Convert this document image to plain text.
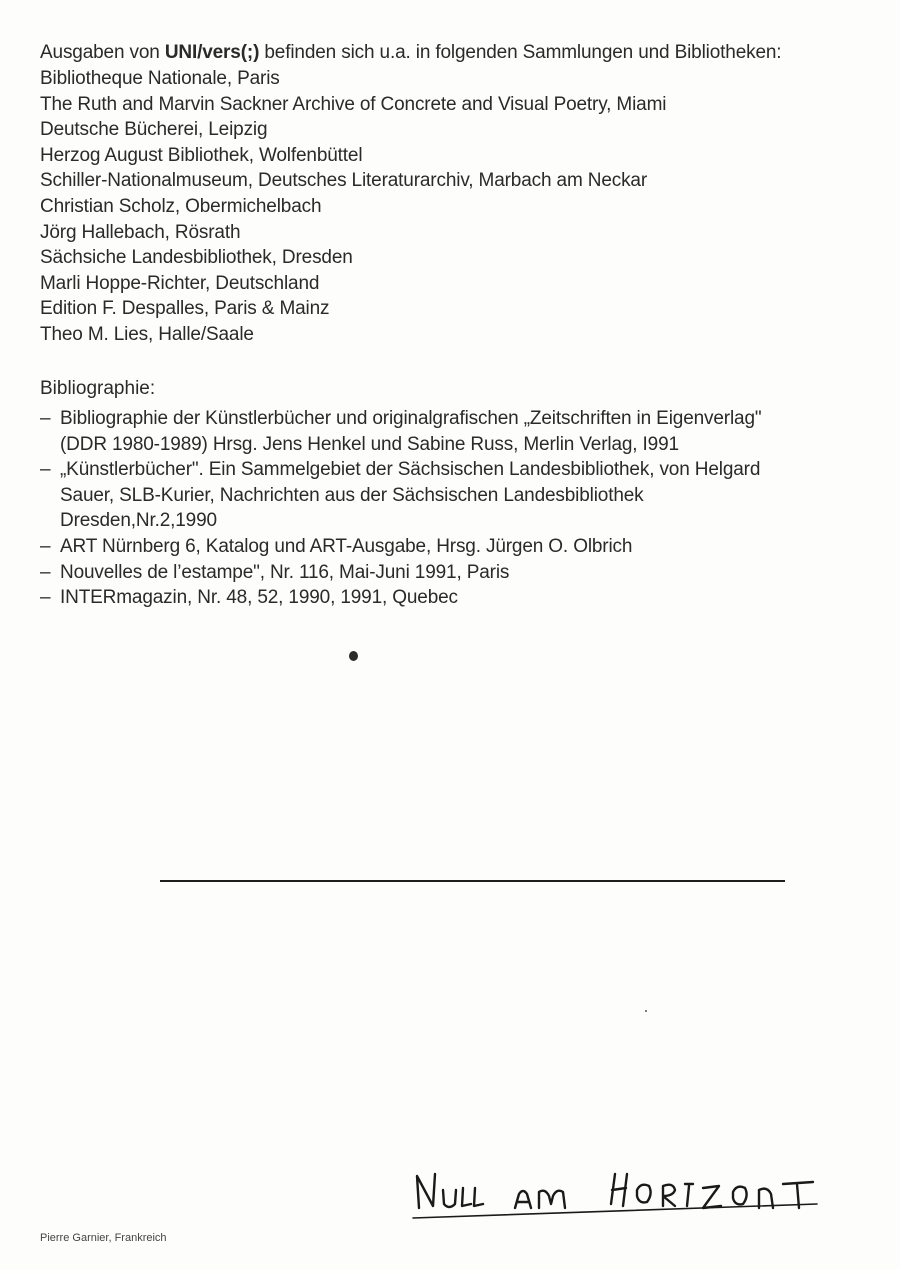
Ausgaben von UNI/vers(;) befinden sich u.a. in folgenden Sammlungen und Bibliotheken:
Bibliotheque Nationale, Paris
The Ruth and Marvin Sackner Archive of Concrete and Visual Poetry, Miami
Deutsche Bücherei, Leipzig
Herzog August Bibliothek, Wolfenbüttel
Schiller-Nationalmuseum, Deutsches Literaturarchiv, Marbach am Neckar
Christian Scholz, Obermichelbach
Jörg Hallebach, Rösrath
Sächsiche Landesbibliothek, Dresden
Marli Hoppe-Richter, Deutschland
Edition F. Despalles, Paris & Mainz
Theo M. Lies, Halle/Saale
Bibliographie:
– Bibliographie der Künstlerbücher und originalgrafischen „Zeitschriften in Eigenverlag"
(DDR 1980-1989) Hrsg. Jens Henkel und Sabine Russ, Merlin Verlag, I991
– „Künstlerbücher". Ein Sammelgebiet der Sächsischen Landesbibliothek, von Helgard
Sauer, SLB-Kurier, Nachrichten aus der Sächsischen Landesbibliothek
Dresden,Nr.2,1990
– ART Nürnberg 6, Katalog und ART-Ausgabe, Hrsg. Jürgen O. Olbrich
– Nouvelles de l’estampe", Nr. 116, Mai-Juni 1991, Paris
– INTERmagazin, Nr. 48, 52, 1990, 1991, Quebec
Pierre Garnier, Frankreich
